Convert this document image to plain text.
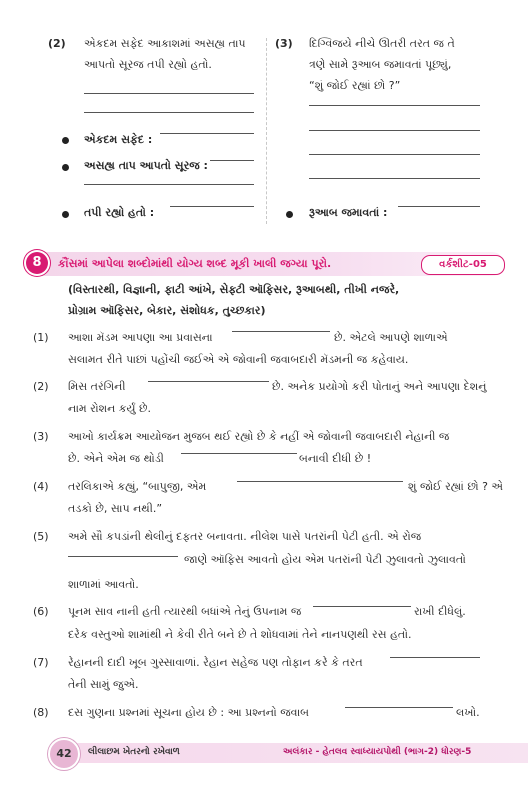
(2) એકદમ સફેદ આકાશમાં અસહ્ય તાપ
આપતો સૂરજ તપી રહ્યો હતો.
એકદમ સફેદ :
અસહ્ય તાપ આપતો સૂરજ :
તપી રહ્યો હતો :
(3) દિગ્વિજયે નીચે ઊતરી તરત જ તે
ત્રણે સામે રૂઆબ જમાવતાં પૂછ્યું,
“શું જોઈ રહ્યાં છો ?”
રૂઆબ જમાવતાં :
8	કૌંસમાં આપેલા શબ્દોમાંથી યોગ્ય શબ્દ મૂકી ખાલી જગ્યા પૂરો.	વર્કશીટ-05
(વિસ્તારથી, વિજ્ઞાની, ફાટી આંખે, સેફ્ટી ઑફિસર, રૂઆબથી, તીખી નજરે,
પ્રોગ્રામ ઑફિસર, બેકાર, સંશોધક, તુચ્છકાર)
(1) આશા મૅડમ આપણા આ પ્રવાસના	છે. એટલે આપણે શાળાએ
સલામત રીતે પાછાં પહોંચી જઈએ એ જોવાની જવાબદારી મૅડમની જ કહેવાય.
(2) મિસ તરંગિની	છે. અનેક પ્રયોગો કરી પોતાનું અને આપણા દેશનું
નામ રોશન કર્યું છે.
(3) આખો કાર્યક્રમ આયોજન મુજબ થઈ રહ્યો છે કે નહીં એ જોવાની જવાબદારી નેહાની જ
છે. એને એમ જ થોડી	બનાવી દીધી છે !
(4) તરલિકાએ કહ્યું, “બાપુજી, એમ	શું જોઈ રહ્યાં છો ? એ
તડકો છે, સાપ નથી.”
(5) અમે સૌ કપડાંની થેલીનું દફતર બનાવતા. નીલેશ પાસે પતરાંની પેટી હતી. એ રોજ
જાણે ઑફિસ આવતો હોય એમ પતરાંની પેટી ઝુલાવતો ઝુલાવતો
શાળામાં આવતો.
(6) પૂનમ સાવ નાની હતી ત્યારથી બધાંએ તેનું ઉપનામ જ	રાખી દીધેલું.
દરેક વસ્તુઓ શામાંથી ને કેવી રીતે બને છે તે શોધવામાં તેને નાનપણથી રસ હતો.
(7) રેહાનની દાદી ખૂબ ગુસ્સાવાળાં. રેહાન સહેજ પણ તોફાન કરે કે તરત
તેની સામું જુએ.
(8) દસ ગુણના પ્રશ્નમાં સૂચના હોય છે : આ પ્રશ્નનો જવાબ	લખો.
42	લીલાછમ ખેતરનો રખેવાળ	અલંકાર - હેતલવ સ્વાધ્યાયપોથી (ભાગ-2) ધોરણ-5
